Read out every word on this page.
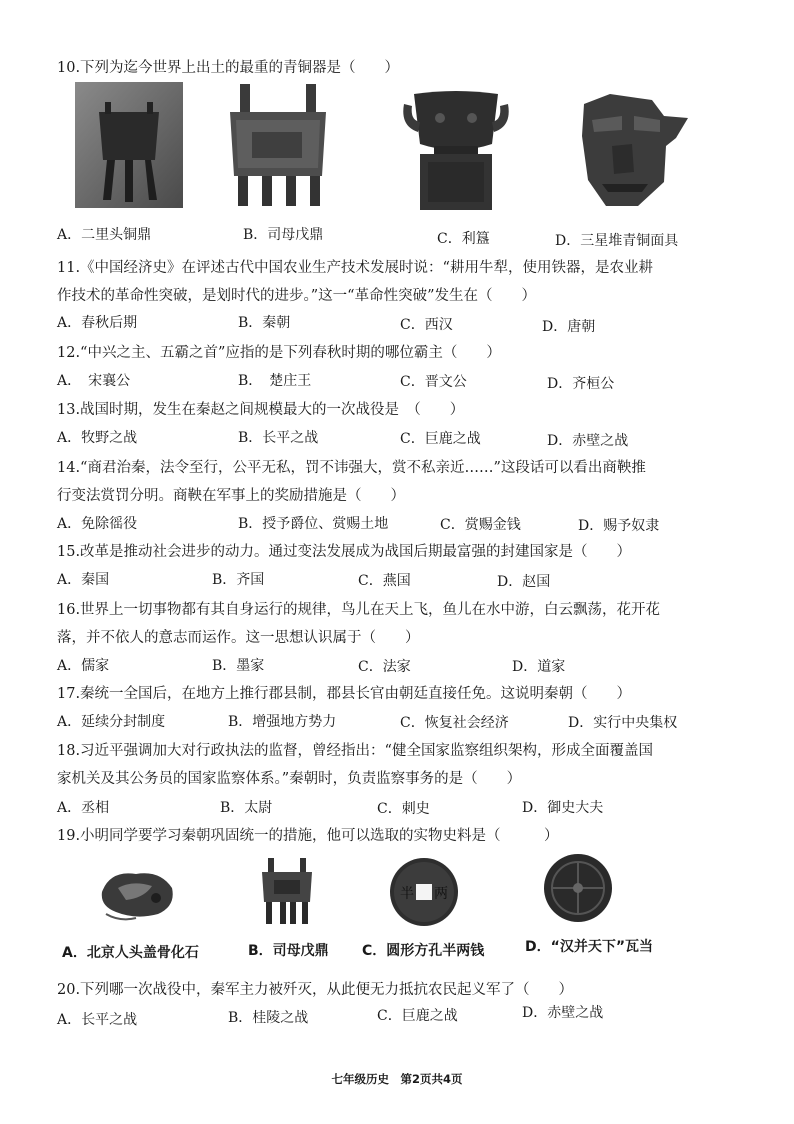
10.下列为迄今世界上出土的最重的青铜器是（　　）
A．二里头铜鼎	B．司母戊鼎	C．利簋	D．三星堆青铜面具
11.《中国经济史》在评述古代中国农业生产技术发展时说：“耕用牛犁，使用铁器，是农业耕
作技术的革命性突破，是划时代的进步。”这一“革命性突破”发生在（　　）
A．春秋后期	B．秦朝	C．西汉	D．唐朝
12.“中兴之主、五霸之首”应指的是下列春秋时期的哪位霸主（　　）
A．　宋襄公	B．　楚庄王	C．晋文公	D．齐桓公
13.战国时期，发生在秦赵之间规模最大的一次战役是　（　　）
A．牧野之战	B．长平之战	C．巨鹿之战	D．赤壁之战
14.“商君治秦，法令至行，公平无私，罚不讳强大，赏不私亲近……”这段话可以看出商鞅推
行变法赏罚分明。商鞅在军事上的奖励措施是（　　）
A．免除徭役	B．授予爵位、赏赐土地	C．赏赐金钱	D．赐予奴隶
15.改革是推动社会进步的动力。通过变法发展成为战国后期最富强的封建国家是（　　）
A．秦国	B．齐国	C．燕国	D．赵国
16.世界上一切事物都有其自身运行的规律，鸟儿在天上飞，鱼儿在水中游，白云飘荡，花开花
落，并不依人的意志而运作。这一思想认识属于（　　）
A．儒家	B．墨家	C．法家	D．道家
17.秦统一全国后，在地方上推行郡县制，郡县长官由朝廷直接任免。这说明秦朝（　　）
A．延续分封制度	B．增强地方势力	C．恢复社会经济	D．实行中央集权
18.习近平强调加大对行政执法的监督，曾经指出：“健全国家监察组织架构，形成全面覆盖国
家机关及其公务员的国家监察体系。”秦朝时，负责监察事务的是（　　）
A．丞相	B．太尉	C．刺史	D．御史大夫
19.小明同学要学习秦朝巩固统一的措施，他可以选取的实物史料是（　　　）
半 两
A．北京人头盖骨化石	B．司母戊鼎 C．圆形方孔半两钱	D．“汉并天下”瓦当
20.下列哪一次战役中，秦军主力被歼灭，从此便无力抵抗农民起义军了（　　）
A．长平之战	B．桂陵之战	C．巨鹿之战	D．赤壁之战
七年级历史　第2页共4页
